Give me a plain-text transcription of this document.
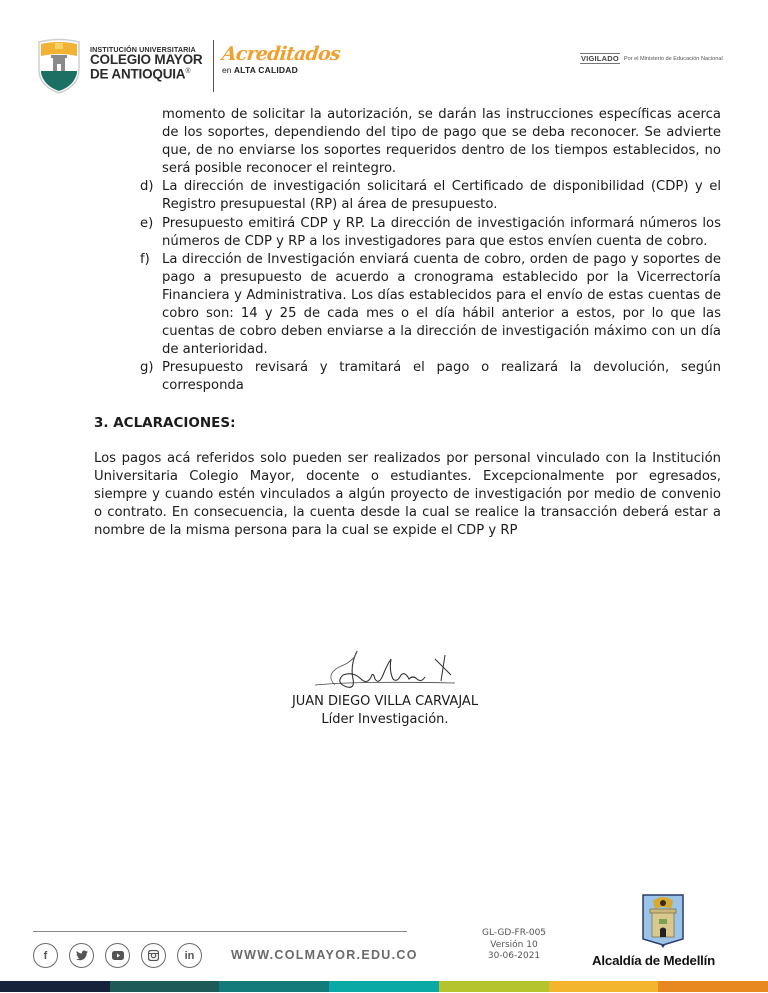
INSTITUCIÓN UNIVERSITARIA
COLEGIO MAYOR
DE ANTIOQUIA®
Acreditados
en ALTA CALIDAD
VIGILADO Por el Ministerio de Educación Nacional

momento de solicitar la autorización, se darán las instrucciones específicas acerca de los soportes, dependiendo del tipo de pago que se deba reconocer. Se advierte que, de no enviarse los soportes requeridos dentro de los tiempos establecidos, no será posible reconocer el reintegro.

d) La dirección de investigación solicitará el Certificado de disponibilidad (CDP) y el Registro presupuestal (RP) al área de presupuesto.

e) Presupuesto emitirá CDP y RP. La dirección de investigación informará números los números de CDP y RP a los investigadores para que estos envíen cuenta de cobro.

f) La dirección de Investigación enviará cuenta de cobro, orden de pago y soportes de pago a presupuesto de acuerdo a cronograma establecido por la Vicerrectoría Financiera y Administrativa. Los días establecidos para el envío de estas cuentas de cobro son: 14 y 25 de cada mes o el día hábil anterior a estos, por lo que las cuentas de cobro deben enviarse a la dirección de investigación máximo con un día de anterioridad.

g) Presupuesto revisará y tramitará el pago o realizará la devolución, según corresponda

3. ACLARACIONES:
Los pagos acá referidos solo pueden ser realizados por personal vinculado con la Institución Universitaria Colegio Mayor, docente o estudiantes. Excepcionalmente por egresados, siempre y cuando estén vinculados a algún proyecto de investigación por medio de convenio o contrato. En consecuencia, la cuenta desde la cual se realice la transacción deberá estar a nombre de la misma persona para la cual se expide el CDP y RP
JUAN DIEGO VILLA CARVAJAL
Líder Investigación.
f	in	WWW.COLMAYOR.EDU.CO
GL-GD-FR-005
Versión 10
30-06-2021	Alcaldía de Medellín
